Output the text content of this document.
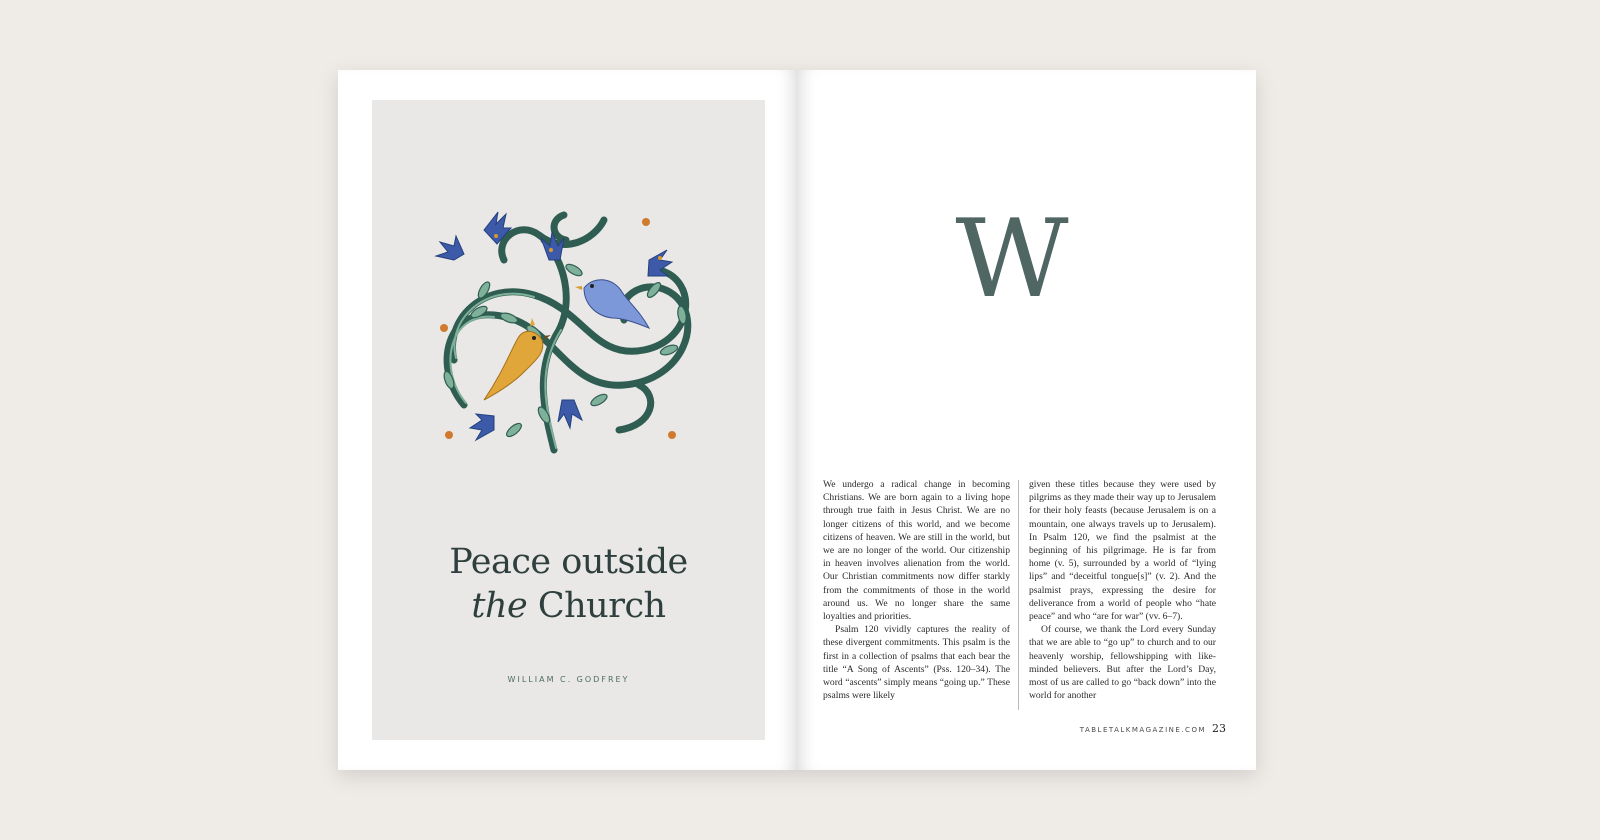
Peace outside
the Church
WILLIAM C. GODFREY
W

We undergo a radical change in becoming Christians. We are born again to a living hope through true faith in Jesus Christ. We are no longer citizens of this world, and we become citizens of heaven. We are still in the world, but we are no longer of the world. Our citizenship in heaven involves alienation from the world. Our Christian commitments now differ starkly from the commitments of those in the world around us. We no longer share the same loyalties and priorities.

Psalm 120 vividly captures the reality of these divergent commitments. This psalm is the first in a collection of psalms that each bear the title “A Song of Ascents” (Pss. 120–34). The word “ascents” simply means “going up.” These psalms were likely

given these titles because they were used by pilgrims as they made their way up to Jerusalem for their holy feasts (because Jerusalem is on a mountain, one always travels up to Jerusalem). In Psalm 120, we find the psalmist at the beginning of his pilgrimage. He is far from home (v. 5), surrounded by a world of “lying lips” and “deceitful tongue[s]” (v. 2). And the psalmist prays, expressing the desire for deliverance from a world of people who “hate peace” and who “are for war” (vv. 6–7).

Of course, we thank the Lord every Sunday that we are able to “go up” to church and to our heavenly worship, fellowshipping with like-minded believers. But after the Lord’s Day, most of us are called to go “back down” into the world for another

TABLETALKMAGAZINE.COM 23
